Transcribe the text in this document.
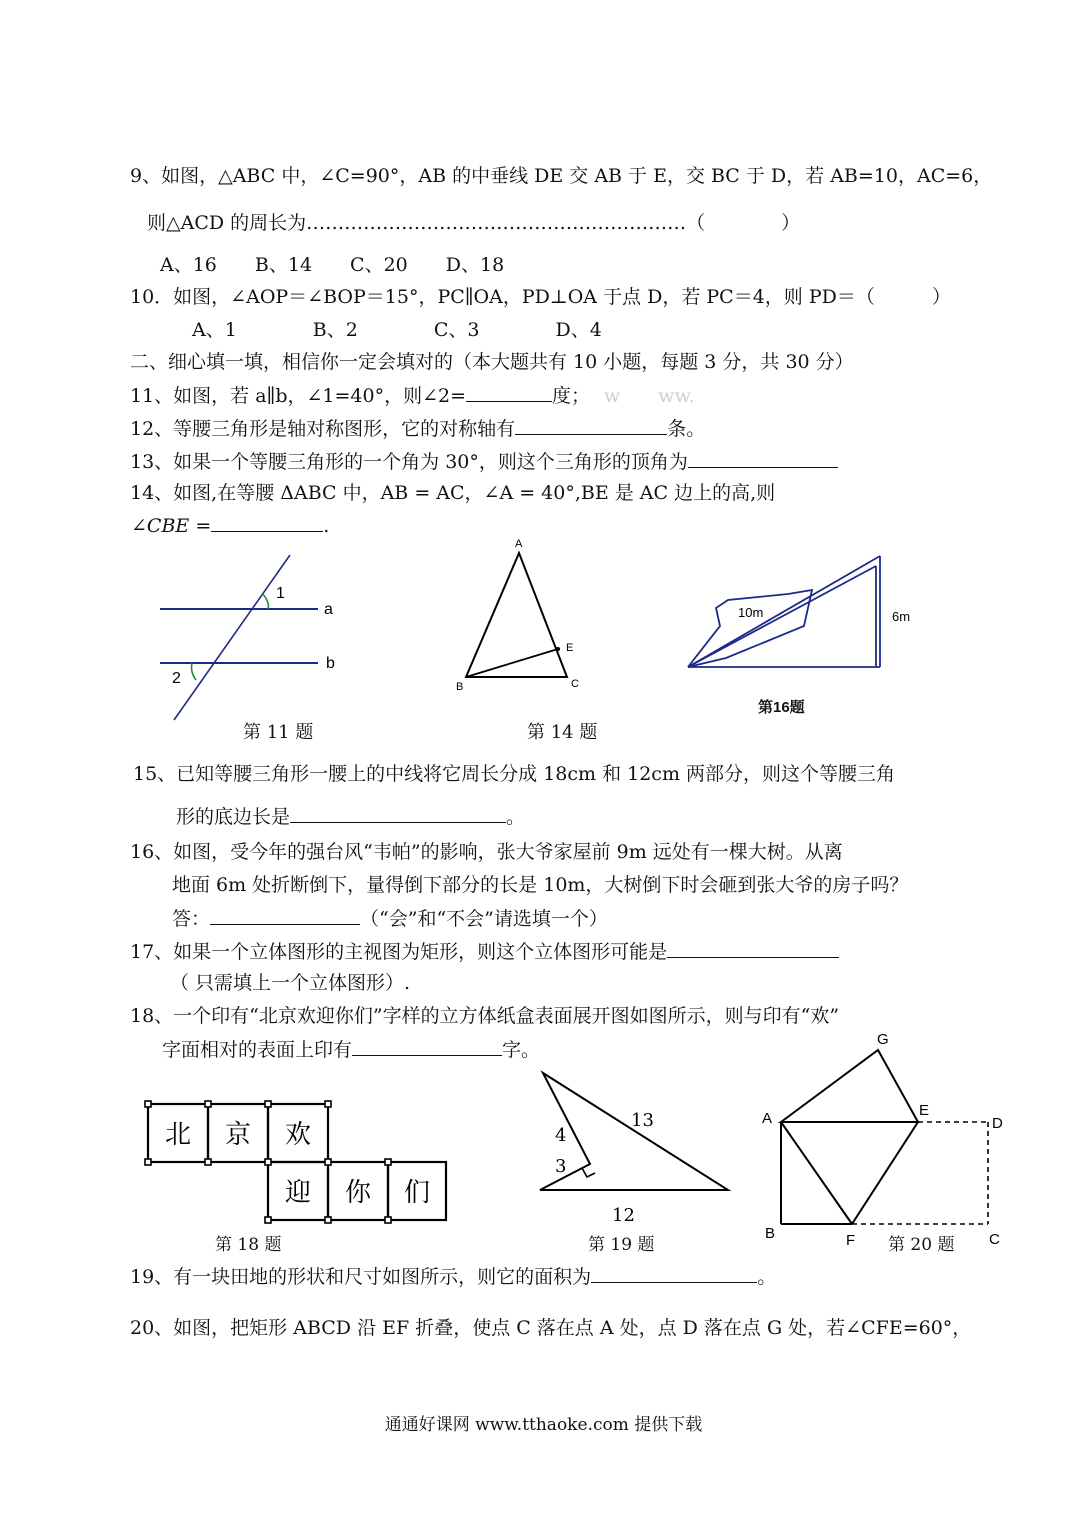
9、如图，△ABC 中，∠C=90°，AB 的中垂线 DE 交 AB 于 E，交 BC 于 D，若 AB=10，AC=6，
则△ACD 的周长为……………………………………………………（　　　　）
A、16　　B、14　　C、20　　D、18
10．如图，∠AOP＝∠BOP＝15°，PC∥OA，PD⊥OA 于点 D，若 PC＝4，则 PD＝（　　　）
A、1　　　　B、2　　　　C、3　　　　D、4
二、细心填一填，相信你一定会填对的（本大题共有 10 小题，每题 3 分，共 30 分）
11、如图，若 a∥b，∠1=40°，则∠2=	度； w　　ww.
12、等腰三角形是轴对称图形，它的对称轴有	条。
13、如果一个等腰三角形的一个角为 30°，则这个三角形的顶角为
14、如图,在等腰 ΔABC 中，AB = AC，∠A = 40°,BE 是 AC 边上的高,则
∠CBE =	.
1
a
b
2
第 11 题
A
B	C
E
第 14 题
10m	6m
第16题
15、已知等腰三角形一腰上的中线将它周长分成 18cm 和 12cm 两部分，则这个等腰三角
形的底边长是	。
16、如图，受今年的强台风“韦帕”的影响，张大爷家屋前 9m 远处有一棵大树。从离
地面 6m 处折断倒下，量得倒下部分的长是 10m，大树倒下时会砸到张大爷的房子吗？
答：	（“会”和“不会”请选填一个）
17、如果一个立体图形的主视图为矩形，则这个立体图形可能是
（ 只需填上一个立体图形）.
18、一个印有“北京欢迎你们”字样的立方体纸盒表面展开图如图所示，则与印有“欢”
字面相对的表面上印有	字。
北 京 欢
迎 你 们
第 18 题
13
4
3
12
第 19 题
G
A	E
D
B	F	C
第 20 题
19、有一块田地的形状和尺寸如图所示，则它的面积为	。
20、如图，把矩形 ABCD 沿 EF 折叠，使点 C 落在点 A 处，点 D 落在点 G 处，若∠CFE=60°，
通通好课网 www.tthaoke.com 提供下载
